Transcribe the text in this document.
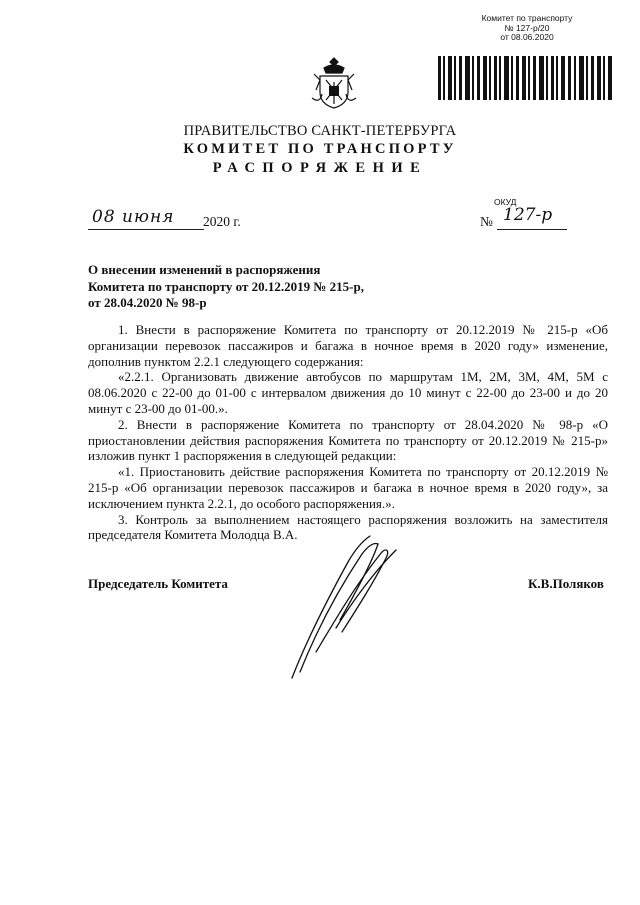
Комитет по транспорту
№ 127-р/20
от 08.06.2020
ПРАВИТЕЛЬСТВО САНКТ-ПЕТЕРБУРГА
КОМИТЕТ ПО ТРАНСПОРТУ
РАСПОРЯЖЕНИЕ
ОКУД
08 июня	2020 г.	№ 127-р
О внесении изменений в распоряжения
Комитета по транспорту от 20.12.2019 № 215-р,
от 28.04.2020 № 98-р

1. Внести в распоряжение Комитета по транспорту от 20.12.2019 № 215-р «Об организации перевозок пассажиров и багажа в ночное время в 2020 году» изменение, дополнив пунктом 2.2.1 следующего содержания:

«2.2.1. Организовать движение автобусов по маршрутам 1М, 2М, 3М, 4М, 5М с 08.06.2020 с 22-00 до 01-00 с интервалом движения до 10 минут с 22-00 до 23-00 и до 20 минут с 23-00 до 01-00.».

2. Внести в распоряжение Комитета по транспорту от 28.04.2020 № 98-р «О приостановлении действия распоряжения Комитета по транспорту от 20.12.2019 № 215-р» изложив пункт 1 распоряжения в следующей редакции:

«1. Приостановить действие распоряжения Комитета по транспорту от 20.12.2019 № 215-р «Об организации перевозок пассажиров и багажа в ночное время в 2020 году», за исключением пункта 2.2.1, до особого распоряжения.».

3. Контроль за выполнением настоящего распоряжения возложить на заместителя председателя Комитета Молодца В.А.

Председатель Комитета	К.В.Поляков
